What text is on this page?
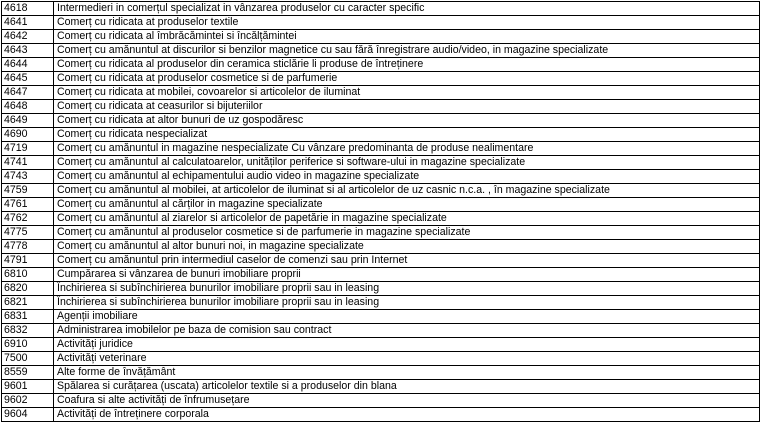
4618	Intermedieri in comerțul specializat in vânzarea produselor cu caracter specific
4641	Comerț cu ridicata at produselor textile
4642	Comerț cu ridicata al îmbrăcămintei si încălțămintei
4643	Comerț cu amănuntul at discurilor si benzilor magnetice cu sau fără înregistrare audio/video, in magazine specializate
4644	Comerț cu ridicata al produselor din ceramica sticlărie li produse de întreținere
4645	Comerț cu ridicata at produselor cosmetice si de parfumerie
4647	Comerț cu ridicata at mobilei, covoarelor si articolelor de iluminat
4648	Comerț cu ridicata at ceasurilor si bijuteriilor
4649	Comerț cu ridicata at altor bunuri de uz gospodăresc
4690	Comerț cu ridicata nespecializat
4719	Comerț cu amănuntul in magazine nespecializate Cu vânzare predominanta de produse nealimentare
4741	Comerț cu amănuntul al calculatoarelor, unităților periferice si software-ului in magazine specializate
4743	Comerț cu amănuntul al echipamentului audio video in magazine specializate
4759	Comerț cu amănuntul al mobilei, at articolelor de iluminat si al articolelor de uz casnic n.c.a. , în magazine specializate
4761	Comerț cu amănuntul al cărților in magazine specializate
4762	Comerț cu amănuntul al ziarelor si articolelor de papetărie in magazine specializate
4775	Comerț cu amănuntul al produselor cosmetice si de parfumerie in magazine specializate
4778	Comerț cu amănuntul al altor bunuri noi, in magazine specializate
4791	Comerț cu amănuntul prin intermediul caselor de comenzi sau prin Internet
6810	Cumpărarea si vânzarea de bunuri imobiliare proprii
6820	Închirierea si subînchirierea bunurilor imobiliare proprii sau in leasing
6821	Închirierea si subînchirierea bunurilor imobiliare proprii sau in leasing
6831	Agenții imobiliare
6832	Administrarea imobilelor pe baza de comision sau contract
6910	Activități juridice
7500	Activități veterinare
8559	Alte forme de învățământ
9601	Spălarea si curățarea (uscata) articolelor textile si a produselor din blana
9602	Coafura si alte activități de înfrumusețare
9604	Activități de întreținere corporala
